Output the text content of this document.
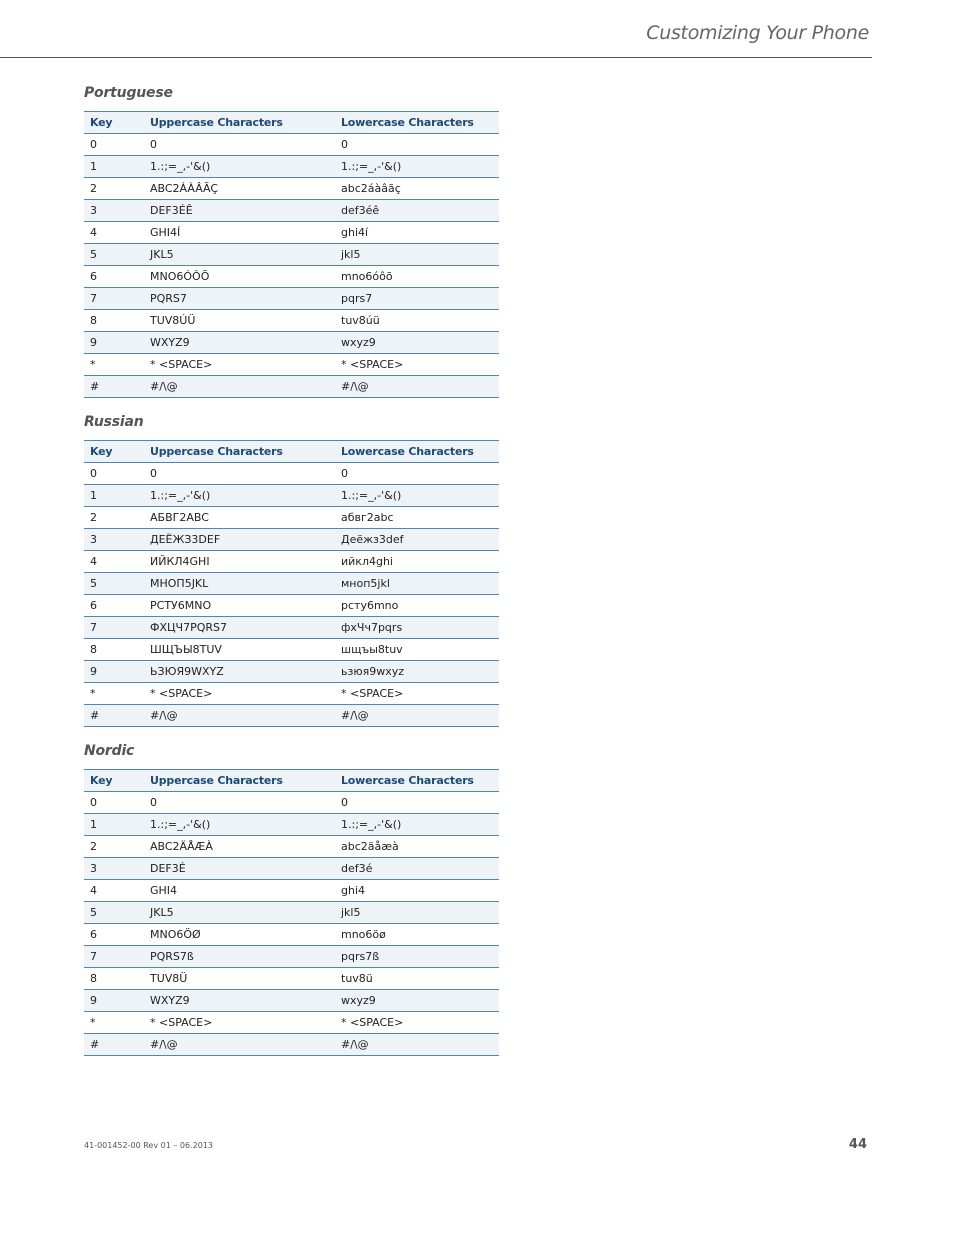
Customizing Your Phone
Portuguese
Key	Uppercase Characters	Lowercase Characters
0	0	0
1	1.:;=_,-'&()	1.:;=_,-'&()
2	ABC2ÁÀÂÃÇ	abc2áàâãç
3	DEF3ÉÊ	def3éê
4	GHI4Í	ghi4í
5	JKL5	jkl5
6	MNO6ÓÔÕ	mno6óôõ
7	PQRS7	pqrs7
8	TUV8ÚÜ	tuv8úü
9	WXYZ9	wxyz9
*	* <SPACE>	* <SPACE>
#	#/\@	#/\@
Russian
Key	Uppercase Characters	Lowercase Characters
0	0	0
1	1.:;=_,-'&()	1.:;=_,-'&()
2	АБВГ2ABC	абвг2abc
3	ДЕЁЖЗ3DEF	Деёжз3def
4	ИЙКЛ4GHI	ийкл4ghi
5	МНОП5JKL	мноп5jkl
6	РСТУ6MNO	рсту6mno
7	ФХЦЧ7PQRS7	фхЧч7pqrs
8	ШЩЪЫ8TUV	шщъы8tuv
9	ЬЗЮЯ9WXYZ	ьзюя9wxyz
*	* <SPACE>	* <SPACE>
#	#/\@	#/\@
Nordic
Key	Uppercase Characters	Lowercase Characters
0	0	0
1	1.:;=_,-'&()	1.:;=_,-'&()
2	ABC2ÄÅÆÀ	abc2äåæà
3	DEF3É	def3é
4	GHI4	ghi4
5	JKL5	jkl5
6	MNO6ÖØ	mno6öø
7	PQRS7ß	pqrs7ß
8	TUV8Ü	tuv8ü
9	WXYZ9	wxyz9
*	* <SPACE>	* <SPACE>
#	#/\@	#/\@
41-001452-00 Rev 01 – 06.2013	44
